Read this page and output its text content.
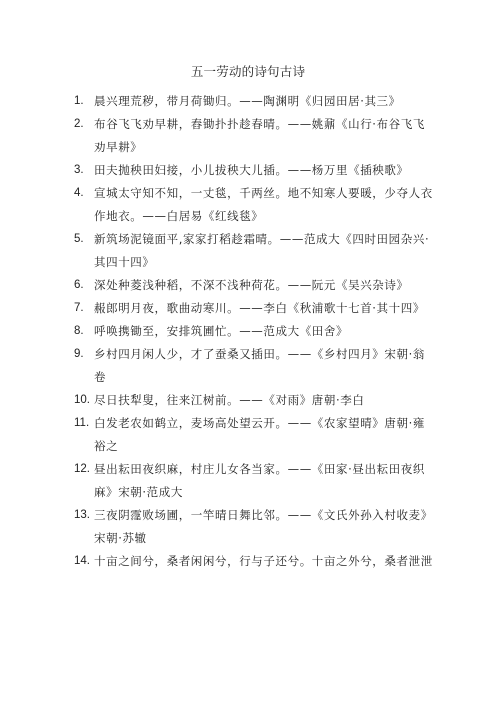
五一劳动的诗句古诗
1. 晨兴理荒秽，带月荷锄归。——陶渊明《归园田居·其三》
2. 布谷飞飞劝早耕，舂锄扑扑趁春晴。——姚鼐《山行·布谷飞飞劝早耕》
3. 田夫抛秧田妇接，小儿拔秧大儿插。——杨万里《插秧歌》
4. 宣城太守知不知，一丈毯，千两丝。地不知寒人要暖，少夺人衣作地衣。——白居易《红线毯》
5. 新筑场泥镜面平,家家打稻趁霜晴。——范成大《四时田园杂兴·其四十四》
6. 深处种菱浅种稻，不深不浅种荷花。——阮元《吴兴杂诗》
7. 赧郎明月夜，歌曲动寒川。——李白《秋浦歌十七首·其十四》
8. 呼唤携锄至，安排筑圃忙。——范成大《田舍》
9. 乡村四月闲人少，才了蚕桑又插田。——《乡村四月》宋朝·翁卷
10. 尽日扶犁叟，往来江树前。——《对雨》唐朝·李白
11. 白发老农如鹤立，麦场高处望云开。——《农家望晴》唐朝·雍裕之
12. 昼出耘田夜织麻，村庄儿女各当家。——《田家·昼出耘田夜织麻》宋朝·范成大
13. 三夜阴霪败场圃，一竿晴日舞比邻。——《文氏外孙入村收麦》宋朝·苏辙
14. 十亩之间兮，桑者闲闲兮，行与子还兮。十亩之外兮，桑者泄泄
